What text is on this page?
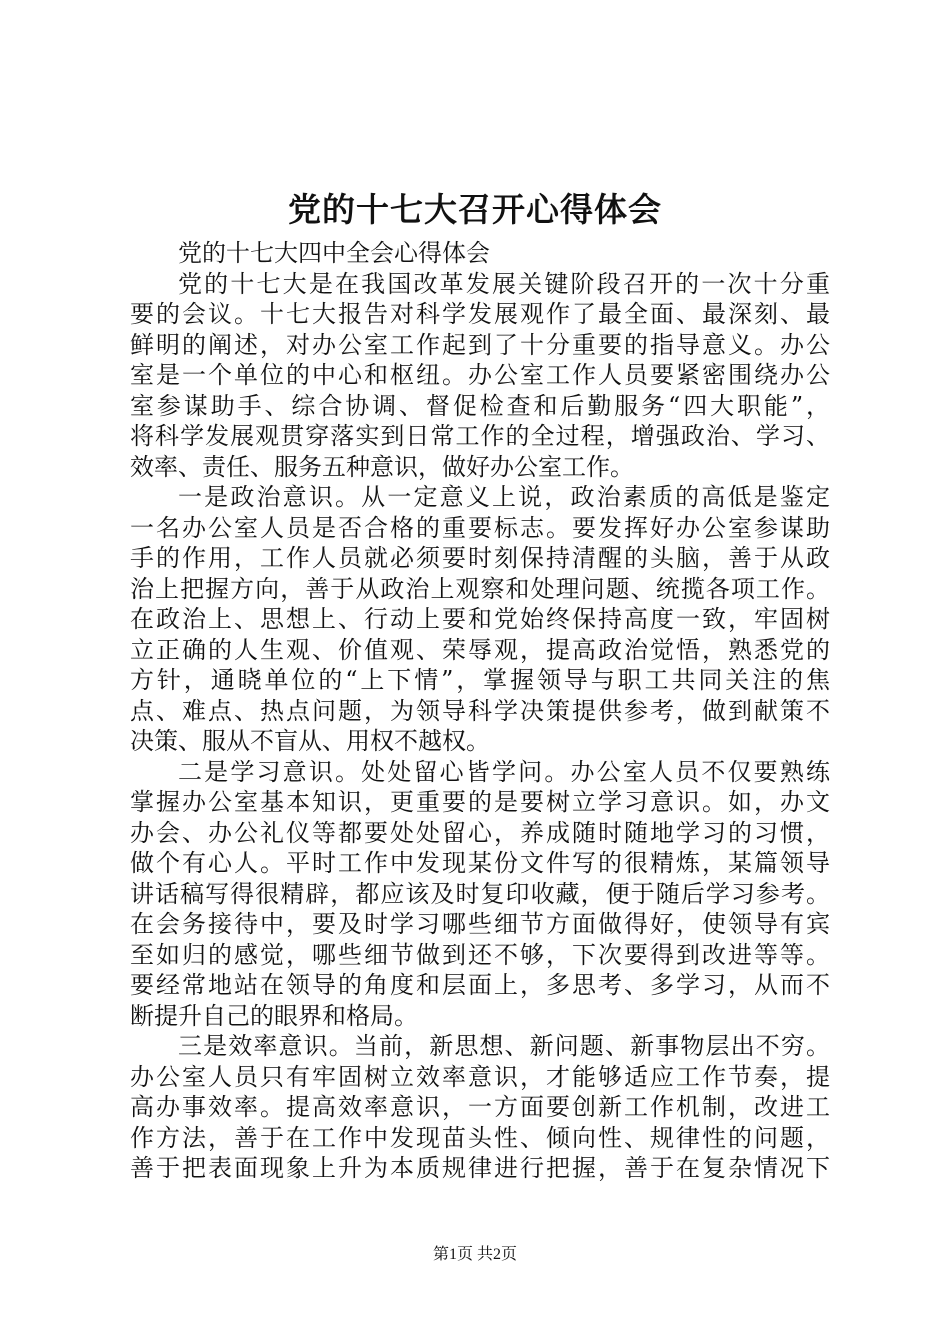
党的十七大召开心得体会

党的十七大四中全会心得体会

党的十七大是在我国改革发展关键阶段召开的一次十分重

要的会议。十七大报告对科学发展观作了最全面、最深刻、最

鲜明的阐述，对办公室工作起到了十分重要的指导意义。办公

室是一个单位的中心和枢纽。办公室工作人员要紧密围绕办公

室参谋助手、综合协调、督促检查和后勤服务“四大职能”，

将科学发展观贯穿落实到日常工作的全过程，增强政治、学习、

效率、责任、服务五种意识，做好办公室工作。

一是政治意识。从一定意义上说，政治素质的高低是鉴定

一名办公室人员是否合格的重要标志。要发挥好办公室参谋助

手的作用，工作人员就必须要时刻保持清醒的头脑，善于从政

治上把握方向，善于从政治上观察和处理问题、统揽各项工作。

在政治上、思想上、行动上要和党始终保持高度一致，牢固树

立正确的人生观、价值观、荣辱观，提高政治觉悟，熟悉党的

方针，通晓单位的“上下情”，掌握领导与职工共同关注的焦

点、难点、热点问题，为领导科学决策提供参考，做到献策不

决策、服从不盲从、用权不越权。

二是学习意识。处处留心皆学问。办公室人员不仅要熟练

掌握办公室基本知识，更重要的是要树立学习意识。如，办文

办会、办公礼仪等都要处处留心，养成随时随地学习的习惯，

做个有心人。平时工作中发现某份文件写的很精炼，某篇领导

讲话稿写得很精辟，都应该及时复印收藏，便于随后学习参考。

在会务接待中，要及时学习哪些细节方面做得好，使领导有宾

至如归的感觉，哪些细节做到还不够，下次要得到改进等等。

要经常地站在领导的角度和层面上，多思考、多学习，从而不

断提升自己的眼界和格局。

三是效率意识。当前，新思想、新问题、新事物层出不穷。

办公室人员只有牢固树立效率意识，才能够适应工作节奏，提

高办事效率。提高效率意识，一方面要创新工作机制，改进工

作方法，善于在工作中发现苗头性、倾向性、规律性的问题，

善于把表面现象上升为本质规律进行把握，善于在复杂情况下

第1页 共2页
